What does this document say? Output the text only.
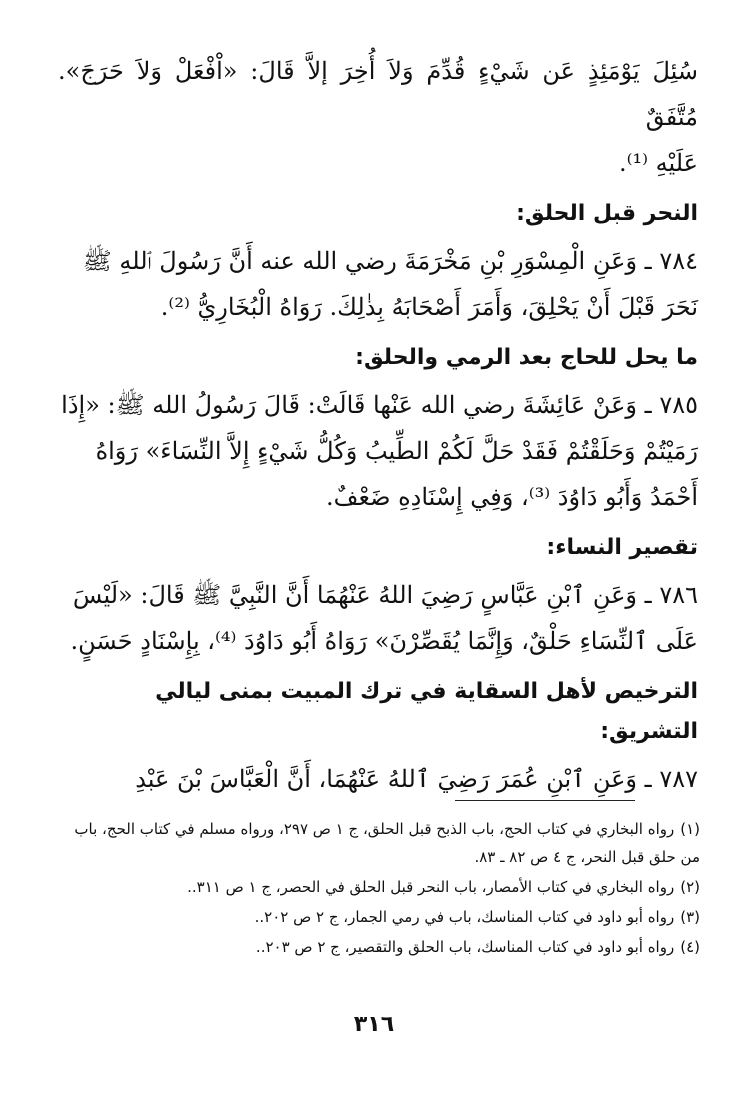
سُئِلَ يَوْمَئِذٍ عَن شَيْءٍ قُدِّمَ وَلاَ أُخِرَ إلاَّ قَالَ: «اْفْعَلْ وَلاَ حَرَجَ». مُتَّفَقٌ
عَلَيْهِ ⁽¹⁾.

النحر قبل الحلق:

٧٨٤ ـ وَعَنِ الْمِسْوَرِ بْنِ مَخْرَمَةَ رضي الله عنه أَنَّ رَسُولَ ٱللهِ ﷺ نَحَرَ قَبْلَ أَنْ يَحْلِقَ، وَأَمَرَ أَصْحَابَهُ بِذٰلِكَ. رَوَاهُ الْبُخَارِيُّ ⁽²⁾.

ما يحل للحاج بعد الرمي والحلق:

٧٨٥ ـ وَعَنْ عَائِشَةَ رضي الله عَنْها قَالَتْ: قَالَ رَسُولُ الله ﷺ: «إِذَا رَمَيْتُمْ وَحَلَقْتُمْ فَقَدْ حَلَّ لَكُمْ الطِّيبُ وَكُلُّ شَيْءٍ إِلاَّ النِّسَاءَ» رَوَاهُ أَحْمَدُ وَأَبُو دَاوُدَ ⁽³⁾، وَفِي إِسْنَادِهِ ضَعْفٌ.

تقصير النساء:

٧٨٦ ـ وَعَنِ ٱبْنِ عَبَّاسٍ رَضِيَ اللهُ عَنْهُمَا أَنَّ النَّبِيَّ ﷺ قَالَ: «لَيْسَ عَلَى ٱلنِّسَاءِ حَلْقٌ، وَإِنَّمَا يُقَصِّرْنَ» رَوَاهُ أَبُو دَاوُدَ ⁽⁴⁾، بِإِسْنَادٍ حَسَنٍ.

الترخيص لأهل السقاية في ترك المبيت بمنى ليالي التشريق:

٧٨٧ ـ وَعَنِ ٱبْنِ عُمَرَ رَضِيَ ٱللهُ عَنْهُمَا، أَنَّ الْعَبَّاسَ بْنَ عَبْدِ

(١)رواه البخاري في كتاب الحج، باب الذبح قبل الحلق، ج ١ ص ٢٩٧، ورواه مسلم في كتاب الحج، باب من حلق قبل النحر، ج ٤ ص ٨٢ ـ ٨٣.

(٢)رواه البخاري في كتاب الأمصار، باب النحر قبل الحلق في الحصر، ج ١ ص ٣١١..

(٣)رواه أبو داود في كتاب المناسك، باب في رمي الجمار، ج ٢ ص ٢٠٢..

(٤)رواه أبو داود في كتاب المناسك، باب الحلق والتقصير، ج ٢ ص ٢٠٣..

٣١٦
